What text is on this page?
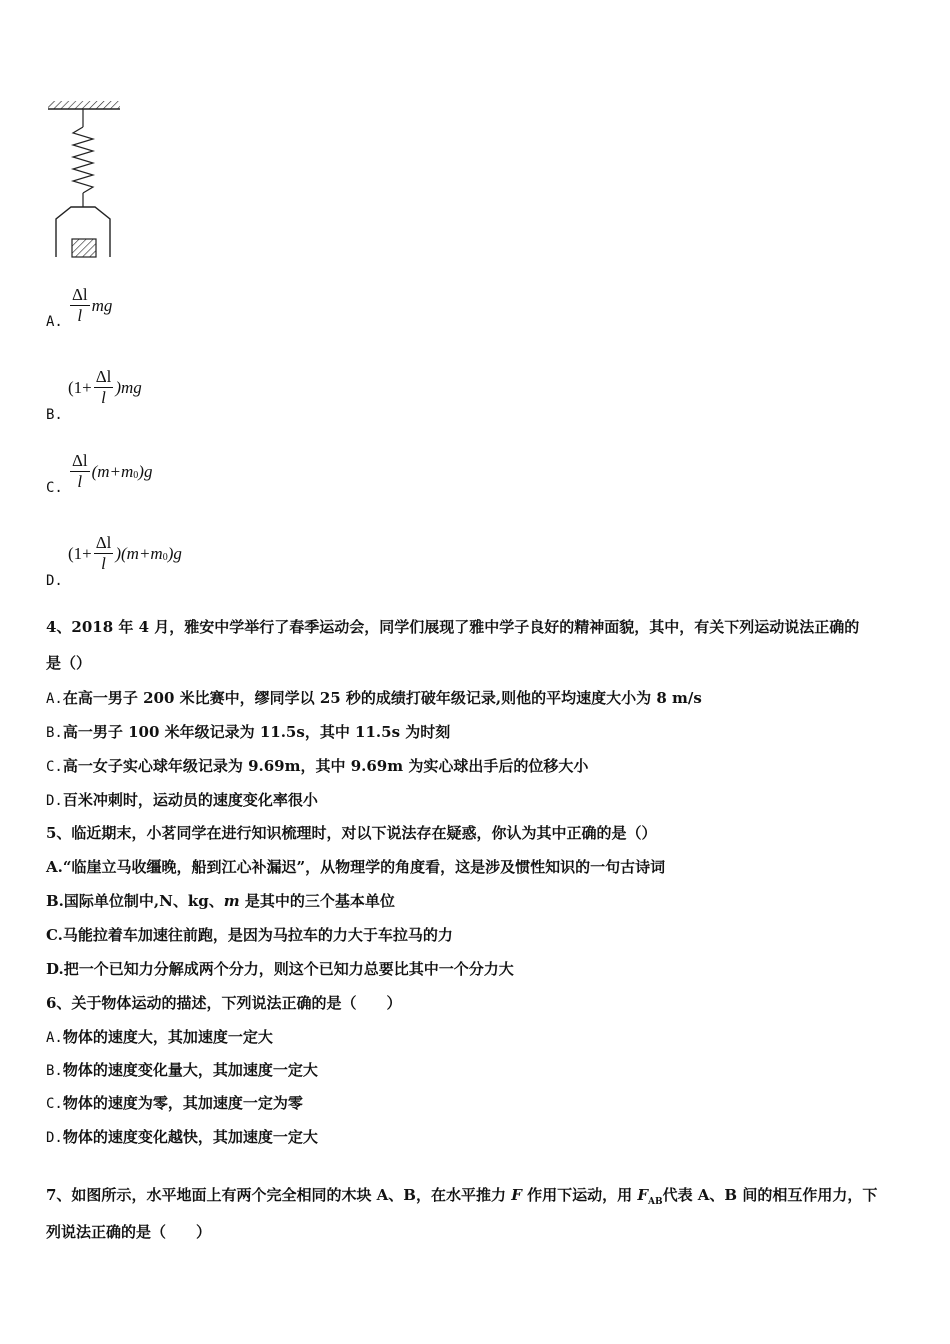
A. $\frac{\Delta l}{l}$ mg
B.
$(1+ \frac{\Delta l}{l} )mg$
C. $\frac{\Delta l}{l} (m+m$ 0 )g
D.
$(1+ \frac{\Delta l}{l} )(m+m$ 0 )g
4、2018 年 4 月，雅安中学举行了春季运动会，同学们展现了雅中学子良好的精神面貌，其中，有关下列运动说法正确的
是（）
A.在高一男子 200 米比赛中，缪同学以 25 秒的成绩打破年级记录,则他的平均速度大小为 8 m/s
B.高一男子 100 米年级记录为 11.5s，其中 11.5s 为时刻
C.高一女子实心球年级记录为 9.69m，其中 9.69m 为实心球出手后的位移大小
D.百米冲刺时，运动员的速度变化率很小
5、临近期末，小茗同学在进行知识梳理时，对以下说法存在疑惑，你认为其中正确的是（）
A.“临崖立马收缰晚，船到江心补漏迟”，从物理学的角度看，这是涉及惯性知识的一句古诗词
B.国际单位制中,N、kg、m 是其中的三个基本单位
C.马能拉着车加速往前跑，是因为马拉车的力大于车拉马的力
D.把一个已知力分解成两个分力，则这个已知力总要比其中一个分力大
6、关于物体运动的描述，下列说法正确的是（　　）
A.物体的速度大，其加速度一定大
B.物体的速度变化量大，其加速度一定大
C.物体的速度为零，其加速度一定为零
D.物体的速度变化越快，其加速度一定大
7、如图所示，水平地面上有两个完全相同的木块 A、B，在水平推力 F 作用下运动，用 $F_{AB}$代表 A、B 间的相互作用力，下
列说法正确的是（　　）
